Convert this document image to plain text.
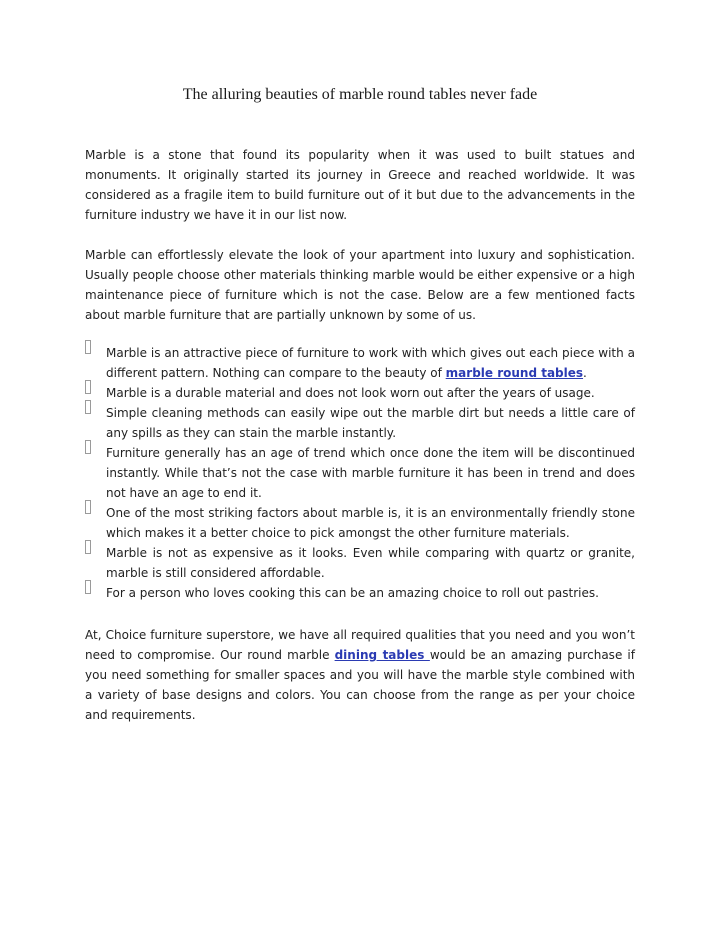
The alluring beauties of marble round tables never fade

Marble is a stone that found its popularity when it was used to built statues and monuments. It originally started its journey in Greece and reached worldwide. It was considered as a fragile item to build furniture out of it but due to the advancements in the furniture industry we have it in our list now.

Marble can effortlessly elevate the look of your apartment into luxury and sophistication. Usually people choose other materials thinking marble would be either expensive or a high maintenance piece of furniture which is not the case. Below are a few mentioned facts about marble furniture that are partially unknown by some of us.

Marble is an attractive piece of furniture to work with which gives out each piece with a different pattern. Nothing can compare to the beauty of marble round tables.
Marble is a durable material and does not look worn out after the years of usage.
Simple cleaning methods can easily wipe out the marble dirt but needs a little care of any spills as they can stain the marble instantly.
Furniture generally has an age of trend which once done the item will be discontinued instantly. While that’s not the case with marble furniture it has been in trend and does not have an age to end it.
One of the most striking factors about marble is, it is an environmentally friendly stone which makes it a better choice to pick amongst the other furniture materials.
Marble is not as expensive as it looks. Even while comparing with quartz or granite, marble is still considered affordable.
For a person who loves cooking this can be an amazing choice to roll out pastries.

At, Choice furniture superstore, we have all required qualities that you need and you won’t need to compromise. Our round marble dining tables would be an amazing purchase if you need something for smaller spaces and you will have the marble style combined with a variety of base designs and colors. You can choose from the range as per your choice and requirements.
